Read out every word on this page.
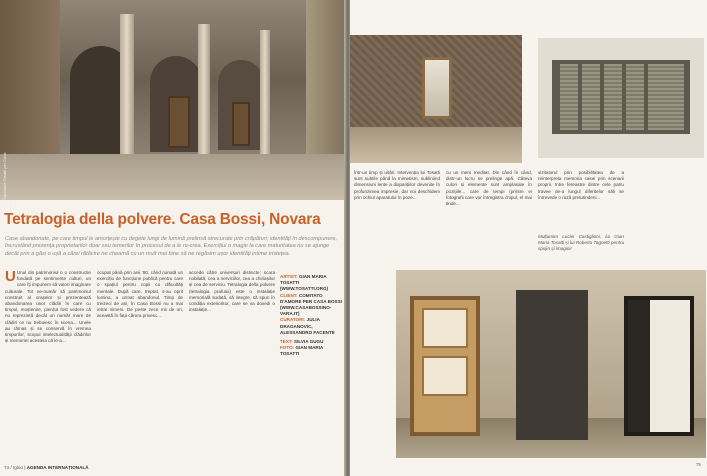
Foto Gianmaria Tosatti per Casa Bossi
Tetralogia della polvere. Casa Bossi, Novara

Case abandonate, pe care timpul le amorțește cu degete lungi de lumină prelinsă strecurate prin crăpături; identități în descompunere, încrustând prezența proprietarilor doar sau temerilor în procesul de a le re-crea. Exercițiul o magie la care maturitatea nu se ajunge decât prin a găsi o ușă a cărei rătăcire ne cheamă cu un mult mai bine să ne regăsim ușor identități intime tristețea.

U Unul din patrimoniul o o constructie fondată pe sentimente culturi, un care îți impunem să valori imaginare culturale. Tot ne-număr să patrimoniul construit al orașelor și prezentează abandonarea unor clădiri în care cu timpul, moștenire, pierdut fost vedere că nu reprezintă decât un număr mare de clădiri ce nu trebuiesc în scena... Unele au rămas și se conservă în vremea timpurilor, scopul intelectualității clădirilor și memoriei acesteia că le-a...
ocupat până prin anii '80, când ruinată un exercițiu de funcțiune publică pentru care o spațiul pentru copii cu dificultăți mentale. După care, treptat, s-au oprit lumina, a urmat abandonul. Timp de treizeci de ani, în Casa Bossi nu a mai intrat nimeni. De peste zece mii de ori, această în fața cărora privesc...
accede către universuri distincte: scara nobilată, cea a serviciilor, cea a chiriașilor și cea de serviciu. Tetralogia della polvere (tetralogia prafului) este o instalație memorială sudată, să integre, să spun în condiția exterioritor, care se va dovedi o instalație...
ARTIST: GIAN MARIA TOSATTI (WWW.TOSATTI.ORG)
CLIENT: COMITATO D'AMORE PER CASA BOSSI (WWW.CASABOSSINO-VARA.IT)
CURATORI: JULIA DRAGANOVIC, ALESSANDRO FACENTE
TEXT: SILVIA GUGU
FOTO: GIAN MARIA TOSATTI
74 / Igloo | AGENDA INTERNAȚIONALĂ
într-un timp și uitări. Intervenția lui Tosatti sunt subtile până la mimetism, subliniind dimensiuni lente a disparițiilor devenite în profunzimea impresie, dar noi deschidem prin ochiul aparatului în poze...
cu un mers meditat. Din când în când, dintr-un lucru se prelinge apă. Câteva culori și elemente sunt amplasate în pozițiile... care de tempi (printre ei fotografii care vor întregistra chipul, el mai tinde...
vizitatorul prin posibilitatea de a reinterpreta memoria casei prin scenarii proprii. Intre fereastre dintre cele patru travee de-a lungul diferitelor săli se întrevede o rază pretutindeni...
Mulțumim Luciei Castiglioni, lui Gian Maria Tosatti și lui Roberto Tagnetti pentru sprijin și imagini!
75
